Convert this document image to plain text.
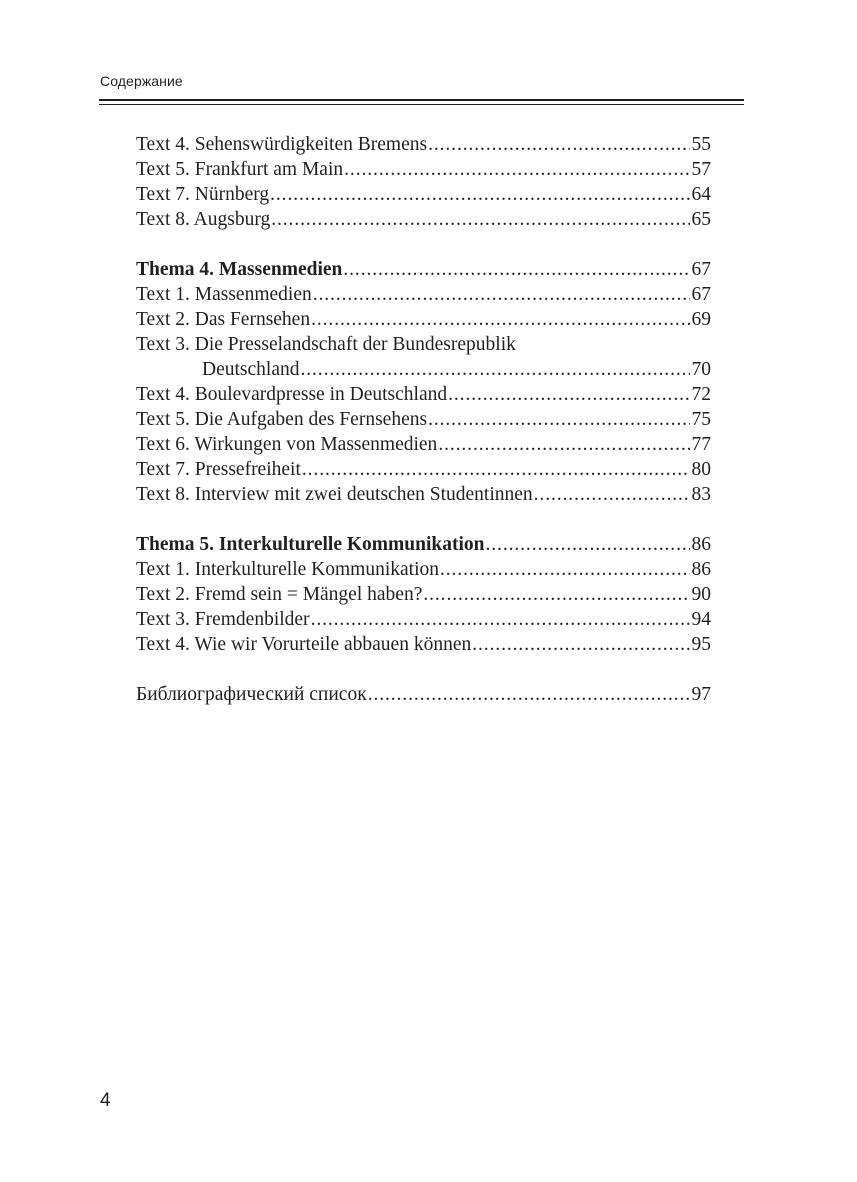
Содержание
Text 4. Sehenswürdigkeiten Bremens .....	55
Text 5. Frankfurt am Main .....	57
Text 7. Nürnberg .....	64
Text 8. Augsburg .....	65
Thema 4. Massenmedien .....	67
Text 1. Massenmedien .....	67
Text 2. Das Fernsehen .....	69
Text 3. Die Presselandschaft der Bundesrepublik
Deutschland .....	70
Text 4. Boulevardpresse in Deutschland .....	72
Text 5. Die Aufgaben des Fernsehens .....	75
Text 6. Wirkungen von Massenmedien .....	77
Text 7. Pressefreiheit .....	80
Text 8. Interview mit zwei deutschen Studentinnen .....	83
Thema 5. Interkulturelle Kommunikation .....	86
Text 1. Interkulturelle Kommunikation .....	86
Text 2. Fremd sein = Mängel haben? .....	90
Text 3. Fremdenbilder .....	94
Text 4. Wie wir Vorurteile abbauen können .....	95
Библиографический список .....	97
4
